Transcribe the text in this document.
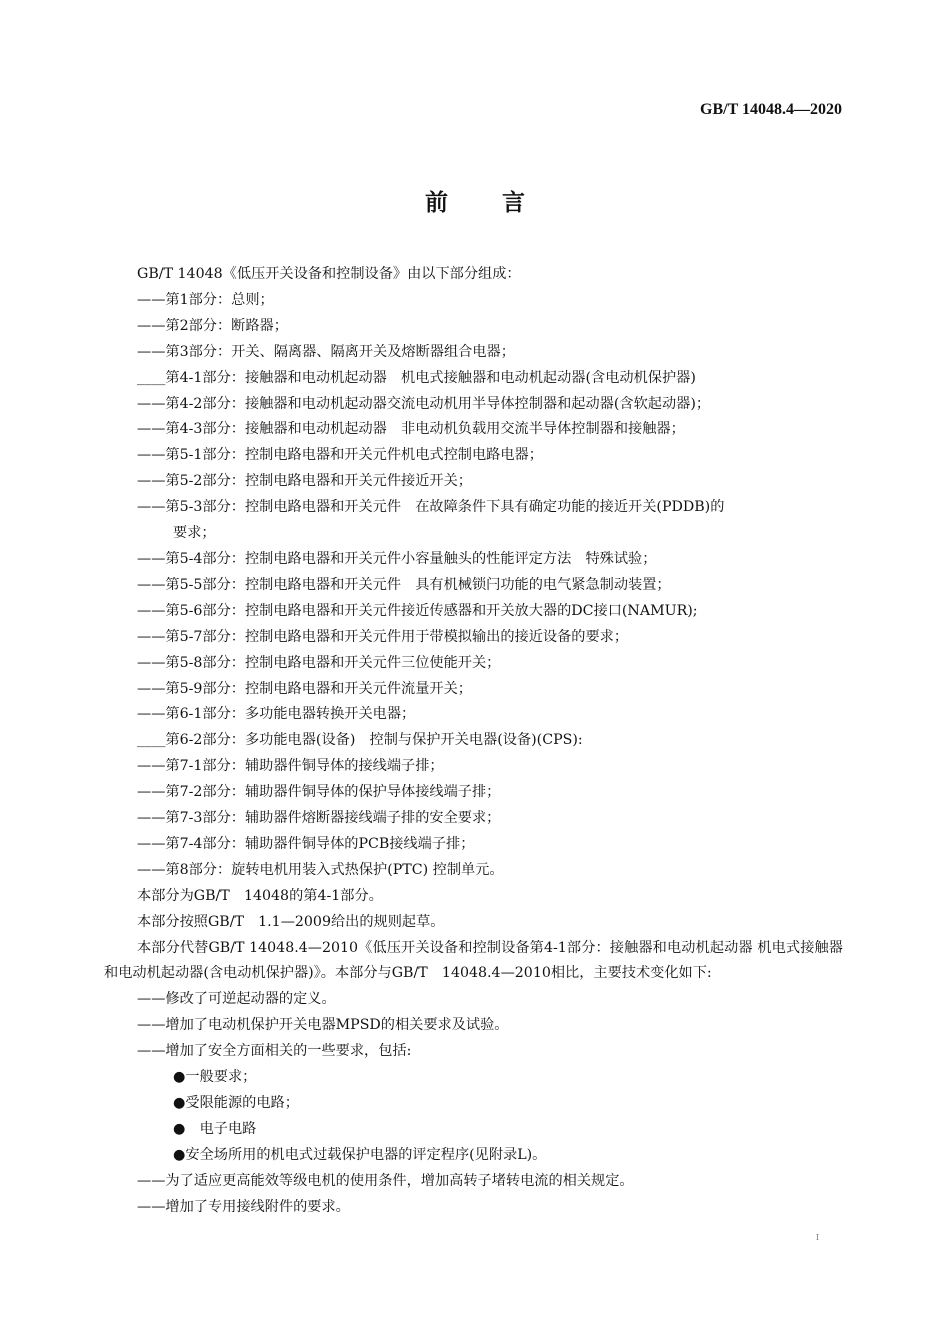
GB/T 14048.4—2020
前言
GB/T 14048《低压开关设备和控制设备》由以下部分组成：
——第1部分：总则；
——第2部分：断路器；
——第3部分：开关、隔离器、隔离开关及熔断器组合电器；
____第4-1部分：接触器和电动机起动器　机电式接触器和电动机起动器(含电动机保护器)
——第4-2部分：接触器和电动机起动器交流电动机用半导体控制器和起动器(含软起动器)；
——第4-3部分：接触器和电动机起动器　非电动机负载用交流半导体控制器和接触器；
——第5-1部分：控制电路电器和开关元件机电式控制电路电器；
——第5-2部分：控制电路电器和开关元件接近开关；
——第5-3部分：控制电路电器和开关元件　在故障条件下具有确定功能的接近开关(PDDB)的
要求；
——第5-4部分：控制电路电器和开关元件小容量触头的性能评定方法　特殊试验；
——第5-5部分：控制电路电器和开关元件　具有机械锁闩功能的电气紧急制动装置；
——第5-6部分：控制电路电器和开关元件接近传感器和开关放大器的DC接口(NAMUR);
——第5-7部分：控制电路电器和开关元件用于带模拟输出的接近设备的要求；
——第5-8部分：控制电路电器和开关元件三位使能开关；
——第5-9部分：控制电路电器和开关元件流量开关；
——第6-1部分：多功能电器转换开关电器；
____第6-2部分：多功能电器(设备)　控制与保护开关电器(设备)(CPS):
——第7-1部分：辅助器件铜导体的接线端子排；
——第7-2部分：辅助器件铜导体的保护导体接线端子排；
——第7-3部分：辅助器件熔断器接线端子排的安全要求；
——第7-4部分：辅助器件铜导体的PCB接线端子排；
——第8部分：旋转电机用装入式热保护(PTC) 控制单元。
本部分为GB/T　14048的第4-1部分。
本部分按照GB/T　1.1—2009给出的规则起草。
本部分代替GB/T 14048.4—2010《低压开关设备和控制设备第4-1部分：接触器和电动机起动器 机电式接触器和电动机起动器(含电动机保护器)》。本部分与GB/T　14048.4—2010相比，主要技术变化如下:
——修改了可逆起动器的定义。
——增加了电动机保护开关电器MPSD的相关要求及试验。
——增加了安全方面相关的一些要求，包括:
●一般要求；
●受限能源的电路；
●　电子电路
●安全场所用的机电式过载保护电器的评定程序(见附录L)。
——为了适应更高能效等级电机的使用条件，增加高转子堵转电流的相关规定。
——增加了专用接线附件的要求。
I
